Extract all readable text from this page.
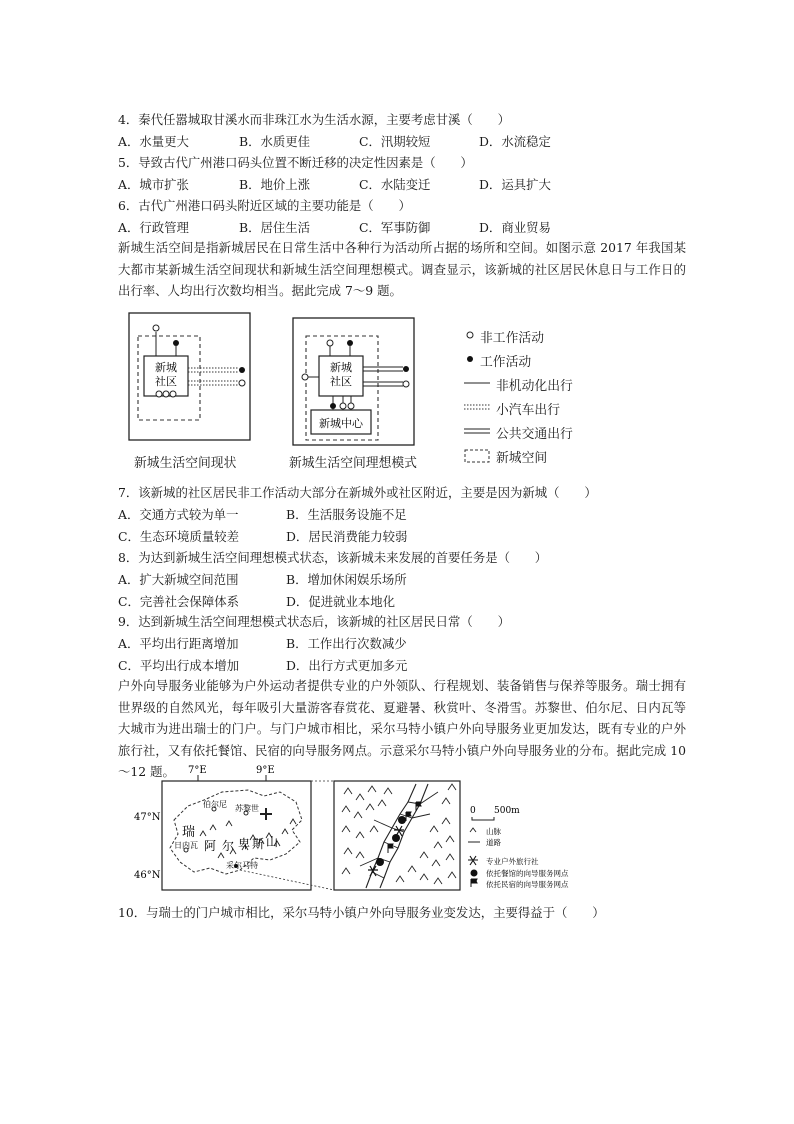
4．秦代任嚣城取甘溪水而非珠江水为生活水源，主要考虑甘溪（　　）
A．水量更大	B．水质更佳	C．汛期较短	D．水流稳定
5．导致古代广州港口码头位置不断迁移的决定性因素是（　　）
A．城市扩张	B．地价上涨	C．水陆变迁	D．运具扩大
6．古代广州港口码头附近区域的主要功能是（　　）
A．行政管理	B．居住生活	C．军事防御	D．商业贸易
新城生活空间是指新城居民在日常生活中各种行为活动所占据的场所和空间。如图示意 2017 年我国某大都市某新城生活空间现状和新城生活空间理想模式。调查显示，该新城的社区居民休息日与工作日的出行率、人均出行次数均相当。据此完成 7～9 题。
新城
社区
新城
社区
新城中心
新城生活空间现状	新城生活空间理想模式
非工作活动
工作活动
非机动化出行
小汽车出行
公共交通出行
新城空间
7．该新城的社区居民非工作活动大部分在新城外或社区附近，主要是因为新城（　　）
A．交通方式较为单一	B．生活服务设施不足
C．生态环境质量较差	D．居民消费能力较弱
8．为达到新城生活空间理想模式状态，该新城未来发展的首要任务是（　　）
A．扩大新城空间范围	B．增加休闲娱乐场所
C．完善社会保障体系	D．促进就业本地化
9．达到新城生活空间理想模式状态后，该新城的社区居民日常（　　）
A．平均出行距离增加	B．工作出行次数减少
C．平均出行成本增加	D．出行方式更加多元
户外向导服务业能够为户外运动者提供专业的户外领队、行程规划、装备销售与保养等服务。瑞士拥有世界级的自然风光，每年吸引大量游客春赏花、夏避暑、秋赏叶、冬滑雪。苏黎世、伯尔尼、日内瓦等大城市为进出瑞士的门户。与门户城市相比，采尔马特小镇户外向导服务业更加发达，既有专业的户外旅行社，又有依托餐馆、民宿的向导服务网点。示意采尔马特小镇户外向导服务业的分布。据此完成 10～12 题。	7°E	9°E
47°N
46°N
伯尔尼 苏黎世
日内瓦
采尔马特
瑞
阿 尔 卑 斯 山
0 500m
山脉
道路
专业户外旅行社
依托餐馆的向导服务网点
依托民宿的向导服务网点
10．与瑞士的门户城市相比，采尔马特小镇户外向导服务业变发达，主要得益于（　　）
